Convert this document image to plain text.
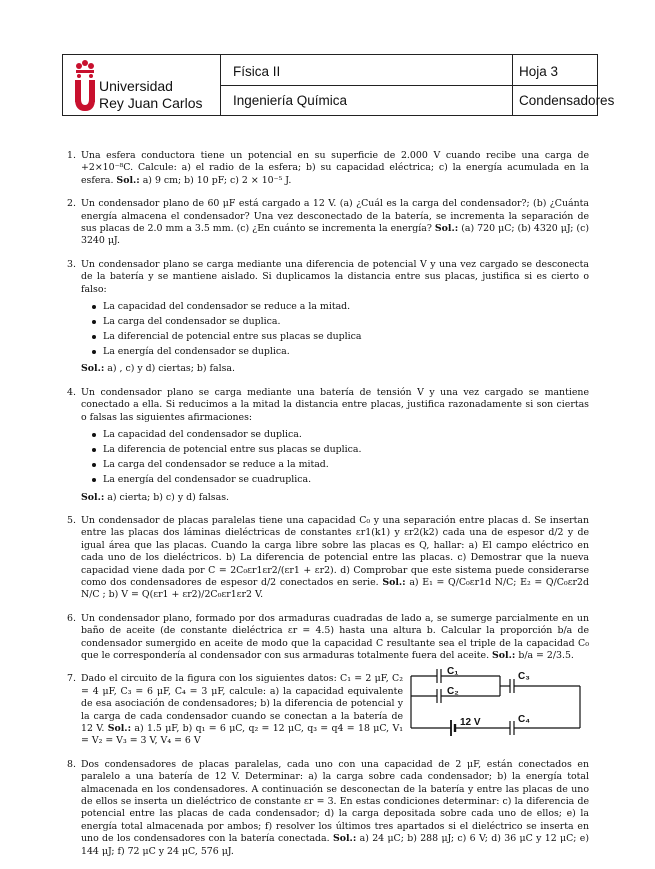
Universidad
Rey Juan Carlos
Física II
Ingeniería Química
Hoja 3
Condensadores
1. Una esfera conductora tiene un potencial en su superficie de 2.000 V cuando recibe una carga de +2×10⁻⁸C. Calcule: a) el radio de la esfera; b) su capacidad eléctrica; c) la energía acumulada en la esfera. Sol.: a) 9 cm; b) 10 pF; c) 2 × 10⁻⁵ J.
2. Un condensador plano de 60 μF está cargado a 12 V. (a) ¿Cuál es la carga del condensador?; (b) ¿Cuánta energía almacena el condensador? Una vez desconectado de la batería, se incrementa la separación de sus placas de 2.0 mm a 3.5 mm. (c) ¿En cuánto se incrementa la energía? Sol.: (a) 720 μC; (b) 4320 μJ; (c) 3240 μJ.
3. Un condensador plano se carga mediante una diferencia de potencial V y una vez cargado se desconecta de la batería y se mantiene aislado. Si duplicamos la distancia entre sus placas, justifica si es cierto o falso:
La capacidad del condensador se reduce a la mitad.
La carga del condensador se duplica.
La diferencial de potencial entre sus placas se duplica
La energía del condensador se duplica.
Sol.: a) , c) y d) ciertas; b) falsa.
4. Un condensador plano se carga mediante una batería de tensión V y una vez cargado se mantiene conectado a ella. Si reducimos a la mitad la distancia entre placas, justifica razonadamente si son ciertas o falsas las siguientes afirmaciones:
La capacidad del condensador se duplica.
La diferencia de potencial entre sus placas se duplica.
La carga del condensador se reduce a la mitad.
La energía del condensador se cuadruplica.
Sol.: a) cierta; b) c) y d) falsas.
5. Un condensador de placas paralelas tiene una capacidad C₀ y una separación entre placas d. Se insertan entre las placas dos láminas dieléctricas de constantes εr1(k1) y εr2(k2) cada una de espesor d/2 y de igual área que las placas. Cuando la carga libre sobre las placas es Q, hallar: a) El campo eléctrico en cada uno de los dieléctricos. b) La diferencia de potencial entre las placas. c) Demostrar que la nueva capacidad viene dada por C = 2C₀εr1εr2/(εr1 + εr2). d) Comprobar que este sistema puede considerarse como dos condensadores de espesor d/2 conectados en serie. Sol.: a) E₁ = Q/C₀εr1d N/C; E₂ = Q/C₀εr2d N/C ; b) V = Q(εr1 + εr2)/2C₀εr1εr2 V.
6. Un condensador plano, formado por dos armaduras cuadradas de lado a, se sumerge parcialmente en un baño de aceite (de constante dieléctrica εr = 4.5) hasta una altura b. Calcular la proporción b/a de condensador sumergido en aceite de modo que la capacidad C resultante sea el triple de la capacidad C₀ que le correspondería al condensador con sus armaduras totalmente fuera del aceite. Sol.: b/a = 2/3.5.
7. Dado el circuito de la figura con los siguientes datos: C₁ = 2 μF, C₂ = 4 μF, C₃ = 6 μF, C₄ = 3 μF, calcule: a) la capacidad equivalente de esa asociación de condensadores; b) la diferencia de potencial y la carga de cada condensador cuando se conectan a la batería de 12 V. Sol.: a) 1.5 μF, b) q₁ = 6 μC, q₂ = 12 μC, q₃ = q4 = 18 μC, V₁ = V₂ = V₃ = 3 V, V₄ = 6 V
C₁
C₂
C₃
12 V	C₄
8. Dos condensadores de placas paralelas, cada uno con una capacidad de 2 μF, están conectados en paralelo a una batería de 12 V. Determinar: a) la carga sobre cada condensador; b) la energía total almacenada en los condensadores. A continuación se desconectan de la batería y entre las placas de uno de ellos se inserta un dieléctrico de constante εr = 3. En estas condiciones determinar: c) la diferencia de potencial entre las placas de cada condensador; d) la carga depositada sobre cada uno de ellos; e) la energía total almacenada por ambos; f) resolver los últimos tres apartados si el dieléctrico se inserta en uno de los condensadores con la batería conectada. Sol.: a) 24 μC; b) 288 μJ; c) 6 V; d) 36 μC y 12 μC; e) 144 μJ; f) 72 μC y 24 μC, 576 μJ.
